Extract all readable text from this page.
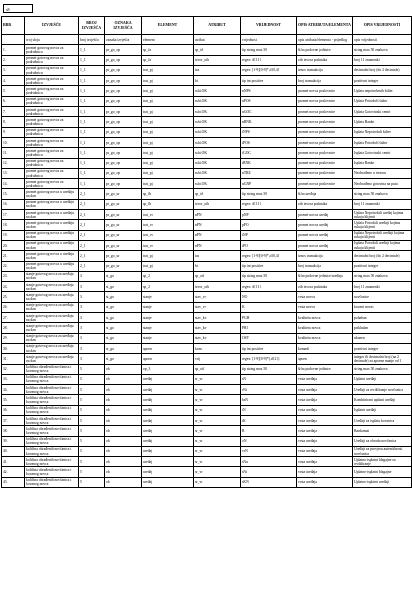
s8
RBR	IZVJEŠĆE	BROJ IZVJEŠĆA	OZNAKA IZVJEŠĆA	ELEMENT	ATRIBUT	VRIJEDNOST	OPIS ATRIBUTA/ELEMENTA	OPIS VRIJEDNOSTI
	ivoj sloja	broj izvješća	oznaka izvješća	element	atribut	vrijednost	opis atributa/elementa - prijedlog	opis vrijednosti
1.	promet gotovog novca za podružnicu	1_1	pr_go_op	sp_fa	sp_id	tip string max 50	šifra podovne jedinice	string max 50 znakova
2.	promet gotovog novca za podružnicu	1_1	pr_go_op	sp_fa	izvor_oib	regex: d{11}	oib izvora podataka	broj 11 znamenki
3.	promet gotovog novca za podružnicu	1_1	pr_go_op	trat_pj	iza	regex: [1-9][0-9]*,d{0,4}	iznos transakcija	decimalni broj (do 2 decimale)
4.	promet gotovog novca za podružnicu	1_1	pr_go_op	trat_pj	bt	tip int positive	broj transakcija	pozitivni integer
5.	promet gotovog novca za podružnicu	1_1	pr_go_op	trat_pj	sshi.OK	nNPS	promet novca poslovnice	Uplata nepotrošenih šalter
6.	promet gotovog novca za podružnicu	1_1	pr_go_op	trat_pj	sshi.OK	nPOS	promet novca poslovnice	Uplata Potrošači šalter
7.	promet gotovog novca za podružnicu	1_1	pr_go_op	trat_pj	sshi.OK	nGOC	promet novca poslovnice	Uplata Gotovinski centri
8.	promet gotovog novca za podružnicu	1_1	pr_go_op	trat_pj	sshi.OK	nBNK	promet novca poslovnice	Uplata Banke
9.	promet gotovog novca za podružnicu	1_1	pr_go_op	trat_pj	sshi.OK	iNPS	promet novca poslovnice	Isplata Nepotrošali šalter
10.	promet gotovog novca za podružnicu	1_1	pr_go_op	trat_pj	sshi.OK	iPOS	promet novca poslovnice	Isplata Potrošači šalter
11.	promet gotovog novca za podružnicu	1_1	pr_go_op	trat_pj	sshi.OK	iGOC	promet novca poslovnice	Isplata Gotovinski centri
12.	promet gotovog novca za podružnicu	1_1	pr_go_op	trat_pj	sshi.OK	iBNK	promet novca poslovnice	Isplata Banke
13.	promet gotovog novca za podružnicu	1_1	pr_go_op	trat_pj	sshi.OK	nTRZ	promet novca poslovnice	Neobrađeno u trezoru
14.	promet gotovog novca za podružnicu	1_1	pr_go_op	trat_pj	sshi.OK	nGNP	promet novca poslovnice	Neobrađeno gotovina na putu
15.	promet gotovog novca u uređaju na dan	2_1	pr_go_ur	sp_fb	sp_id	tip string max 50	šifra uređaja	string max 50 znakova
16.	promet gotovog novca u uređaju na dan	2_1	pr_go_ur	sp_fb	izvor_oib	regex: d{11}	oib izvora podataka	broj 11 znamenki
17.	promet gotovog novca u uređaju na dan	2_1	pr_go_ur	trat_vr	nPN	pNP	promet novca uređaj	Uplata Nepotrošali uređaj kojima rukuju klijenti
18.	promet gotovog novca u uređaju na dan	2_1	pr_go_ur	trat_vr	nPN	pPO	promet novca uređaj	Uplata Potrošali uređaji kojima rukuju klijenti
19.	promet gotovog novca u uređaju na dan	2_1	pr_go_ur	trat_vr	nPN	iNP	promet novca uređaj	Isplata Nepotrošali uređaji kojima rukuju klijenti
20.	promet gotovog novca u uređaju na dan	2_1	pr_go_ur	trat_vr	nPN	iPO	promet novca uređaj	Isplata Potrošali uređaji kojima rukuju klijenti
21.	promet gotovog novca u uređaju na dan	2_1	pr_go_ur	trat_pj	ias	regex: [1-9][0-9]*,d{0,4}	iznos transakcija	decimalni broj (do 2 decimale)
22.	promet gotovog novca u uređaju na dan	2_1	pr_go_ur	trat_pj	bt	tip int positive	broj transakcija	pozitivni integer
23.	stanje gotovog novca za uređaju na dan	3	st_go	sp_2	sp_oif	tip string max 50	šifra podovne jedinice/uređaja	string max 50 znakova
24.	stanje gotovog novca za uređaju na dan	3	st_go	sp_2	izvor_oib	regex: d{11}	oib izvora podataka	broj 11 znamenki
25.	stanje gotovog novca za uređaju na dan	3	st_go	stanje	stav_vr	NO	vrsta novca	novčanice
26.	stanje gotovog novca za uređaju na dan	3	st_go	stanje	stav_vr	K	vrsta novca	kovani novac
27.	stanje gotovog novca za uređaju na dan	3	st_go	stanje	stav_kv	PGH	kvaliteta novca	pohaban
28.	stanje gotovog novca za uređaju na dan	3	st_go	stanje	stav_kv	PRI	kvaliteta novca	prikladan
29.	stanje gotovog novca za uređaju na dan	3	st_go	stanje	stav_kv	OST	kvaliteta novca	ukuzen
30.	stanje gotovog novca za uređaju na dan	3	st_go	apoen	kom	tip int positive	komadi	pozitivni integer
31.	stanje gotovog novca za uređaju na dan	3	st_go	apoen	vrij	regex: [1-9][0-9]*(,d{2})	apoen	integer ili decimalni broj (na 2 decimale) za apoene manje od 1
32.	količina obrađenih novčanica i kovanog novca	5	ob	op_3	sp_oif	tip string max 50	šifra podovne jedinice	string max 50 znakova
33.	količina obrađenih novčanica i kovanog novca	5	ob	uređaj	sr_vr	sN	vrsta uređaja	Uplatni uređaji
34.	količina obrađenih novčanica i kovanog novca	5	ob	uređaj	sr_vr	rNi	vrsta uređaja	Uređaji za recikliranje novčanica
35.	količina obrađenih novčanica i kovanog novca	5	ob	uređaj	sr_vr	bsN	vrsta uređaja	Kombinirani uplatni uređaji
36.	količina obrađenih novčanica i kovanog novca	5	ob	uređaj	sr_vr	iN	vrsta uređaja	Isplatni uređaji
37.	količina obrađenih novčanica i kovanog novca	5	ob	uređaj	sr_vr	iK	vrsta uređaja	Uređaji za isplatu kovanica
38.	količina obrađenih novčanica i kovanog novca	5	ob	uređaj	sr_vr	B	vrsta uređaja	Bankomat
39.	količina obrađenih novčanica i kovanog novca	5	ob	uređaj	sr_vr	oN	vrsta uređaja	Uređaji za obradu novčanica
40.	količina obrađenih novčanica i kovanog novca	5	ob	uređaj	sr_vr	vrN	vrsta uređaja	Uređaji za provjeru autentičnosti novčanica
41.	količina obrađenih novčanica i kovanog novca	5	ob	uređaj	sr_vr	sNu	vrsta uređaja	Uplatno-isplatni blagajne za recikliranje
42.	količina obrađenih novčanica i kovanog novca	5	ob	uređaj	sr_vr	sNi	vrsta uređaja	Uplatno-isplatni blagajne
43.	količina obrađenih novčanica i kovanog novca	5	ob	uređaj	sr_vr	sKN	vrsta uređaja	Uplatno-isplatni uređaji
